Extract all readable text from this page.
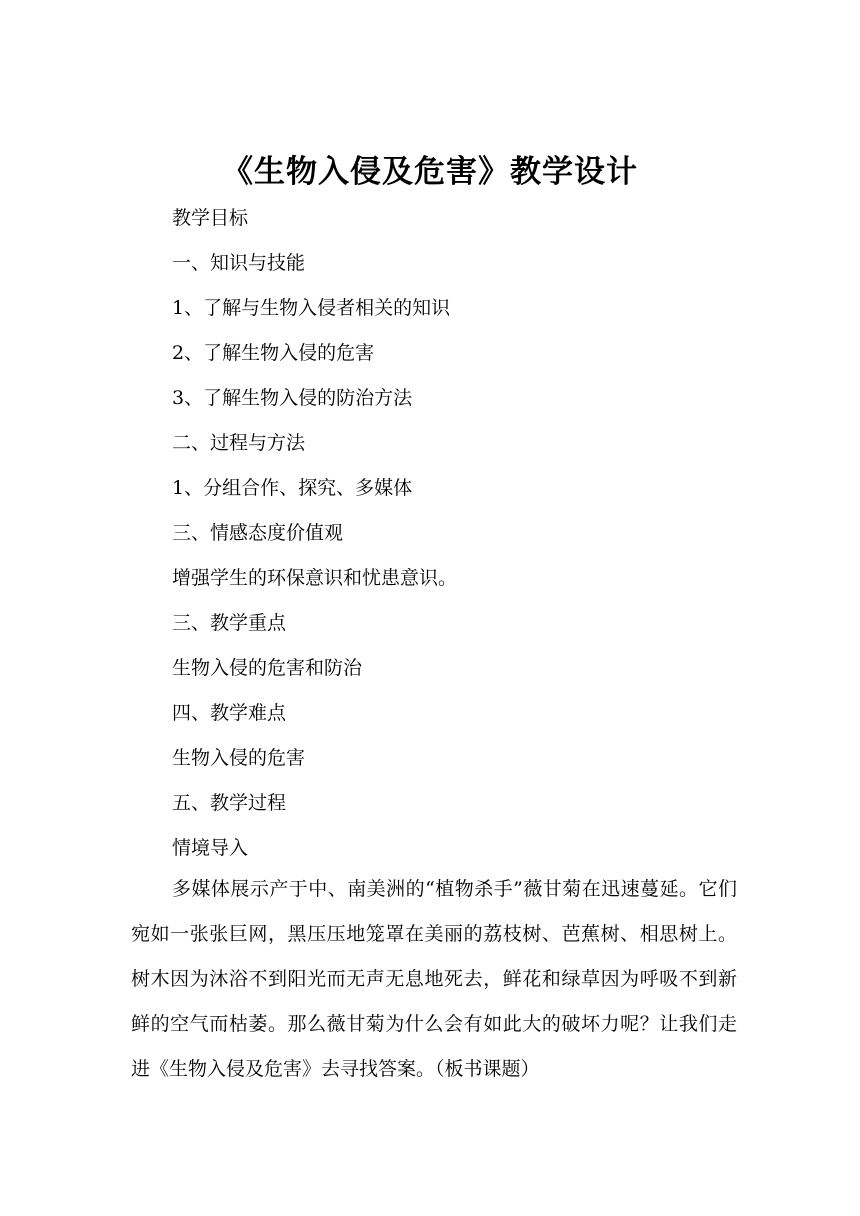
《生物入侵及危害》教学设计
教学目标
一、知识与技能
1、了解与生物入侵者相关的知识
2、了解生物入侵的危害
3、了解生物入侵的防治方法
二、过程与方法
1、分组合作、探究、多媒体
三、情感态度价值观
增强学生的环保意识和忧患意识。
三、教学重点
生物入侵的危害和防治
四、教学难点
生物入侵的危害
五、教学过程
情境导入

多媒体展示产于中、南美洲的“植物杀手”薇甘菊在迅速蔓延。它们宛如一张张巨网，黑压压地笼罩在美丽的荔枝树、芭蕉树、相思树上。树木因为沐浴不到阳光而无声无息地死去，鲜花和绿草因为呼吸不到新鲜的空气而枯萎。那么薇甘菊为什么会有如此大的破坏力呢？让我们走进《生物入侵及危害》去寻找答案。（板书课题）
